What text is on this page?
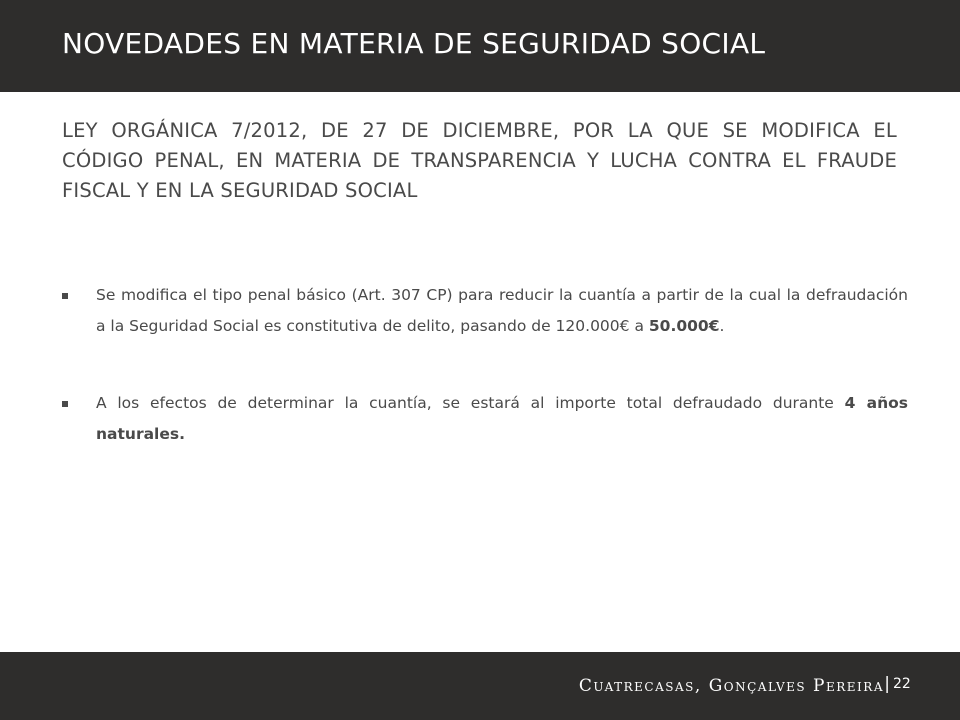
NOVEDADES EN MATERIA DE SEGURIDAD SOCIAL
LEY ORGÁNICA 7/2012, DE 27 DE DICIEMBRE, POR LA QUE SE MODIFICA EL CÓDIGO PENAL, EN MATERIA DE TRANSPARENCIA Y LUCHA CONTRA EL FRAUDE FISCAL Y EN LA SEGURIDAD SOCIAL
Se modifica el tipo penal básico (Art. 307 CP) para reducir la cuantía a partir de la cual la defraudación a la Seguridad Social es constitutiva de delito, pasando de 120.000€ a 50.000€.
A los efectos de determinar la cuantía, se estará al importe total defraudado durante 4 años naturales.
Cuatrecasas, Gonçalves Pereira | 22
